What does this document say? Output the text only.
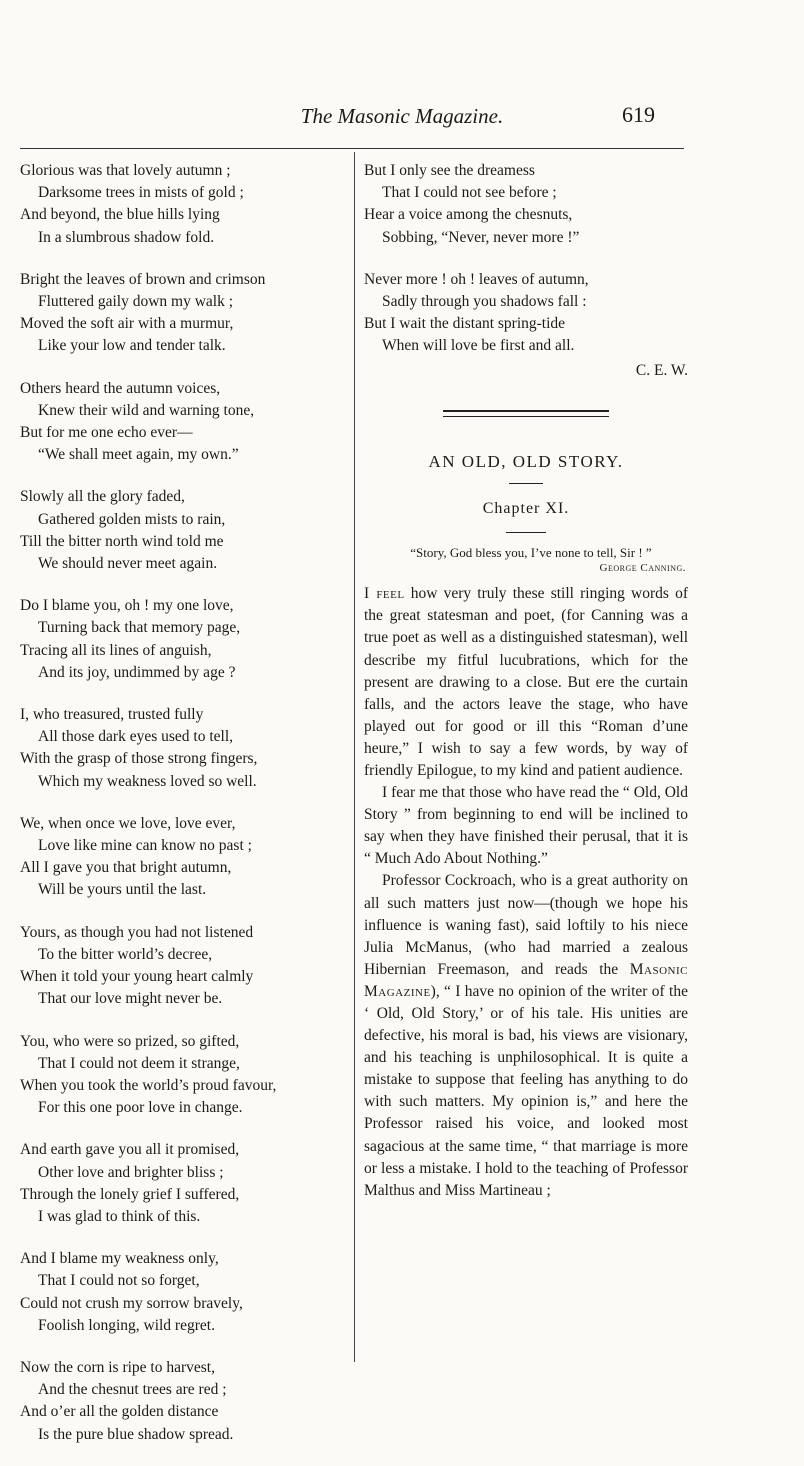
The Masonic Magazine.	619
Glorious was that lovely autumn ;
Darksome trees in mists of gold ;
And beyond, the blue hills lying
In a slumbrous shadow fold.
Bright the leaves of brown and crimson
Fluttered gaily down my walk ;
Moved the soft air with a murmur,
Like your low and tender talk.
Others heard the autumn voices,
Knew their wild and warning tone,
But for me one echo ever—
“We shall meet again, my own.”
Slowly all the glory faded,
Gathered golden mists to rain,
Till the bitter north wind told me
We should never meet again.
Do I blame you, oh ! my one love,
Turning back that memory page,
Tracing all its lines of anguish,
And its joy, undimmed by age ?
I, who treasured, trusted fully
All those dark eyes used to tell,
With the grasp of those strong fingers,
Which my weakness loved so well.
We, when once we love, love ever,
Love like mine can know no past ;
All I gave you that bright autumn,
Will be yours until the last.
Yours, as though you had not listened
To the bitter world’s decree,
When it told your young heart calmly
That our love might never be.
You, who were so prized, so gifted,
That I could not deem it strange,
When you took the world’s proud favour,
For this one poor love in change.
And earth gave you all it promised,
Other love and brighter bliss ;
Through the lonely grief I suffered,
I was glad to think of this.
And I blame my weakness only,
That I could not so forget,
Could not crush my sorrow bravely,
Foolish longing, wild regret.
Now the corn is ripe to harvest,
And the chesnut trees are red ;
And o’er all the golden distance
Is the pure blue shadow spread.
But I only see the dreamess
That I could not see before ;
Hear a voice among the chesnuts,
Sobbing, “Never, never more !”
Never more ! oh ! leaves of autumn,
Sadly through you shadows fall :
But I wait the distant spring-tide
When will love be first and all.
C. E. W.
AN OLD, OLD STORY.
Chapter XI.
“Story, God bless you, I’ve none to tell, Sir ! ”
George Canning.

I feel how very truly these still ringing words of the great statesman and poet, (for Canning was a true poet as well as a distinguished statesman), well describe my fitful lucubrations, which for the present are drawing to a close. But ere the curtain falls, and the actors leave the stage, who have played out for good or ill this “Roman d’une heure,” I wish to say a few words, by way of friendly Epilogue, to my kind and patient audience.

I fear me that those who have read the “ Old, Old Story ” from beginning to end will be inclined to say when they have finished their perusal, that it is “ Much Ado About Nothing.”

Professor Cockroach, who is a great authority on all such matters just now—(though we hope his influence is waning fast), said loftily to his niece Julia McManus, (who had married a zealous Hibernian Freemason, and reads the Masonic Magazine), “ I have no opinion of the writer of the ‘ Old, Old Story,’ or of his tale. His unities are defective, his moral is bad, his views are visionary, and his teaching is unphilosophical. It is quite a mistake to suppose that feeling has anything to do with such matters. My opinion is,” and here the Professor raised his voice, and looked most sagacious at the same time, “ that marriage is more or less a mistake. I hold to the teaching of Professor Malthus and Miss Martineau ;
